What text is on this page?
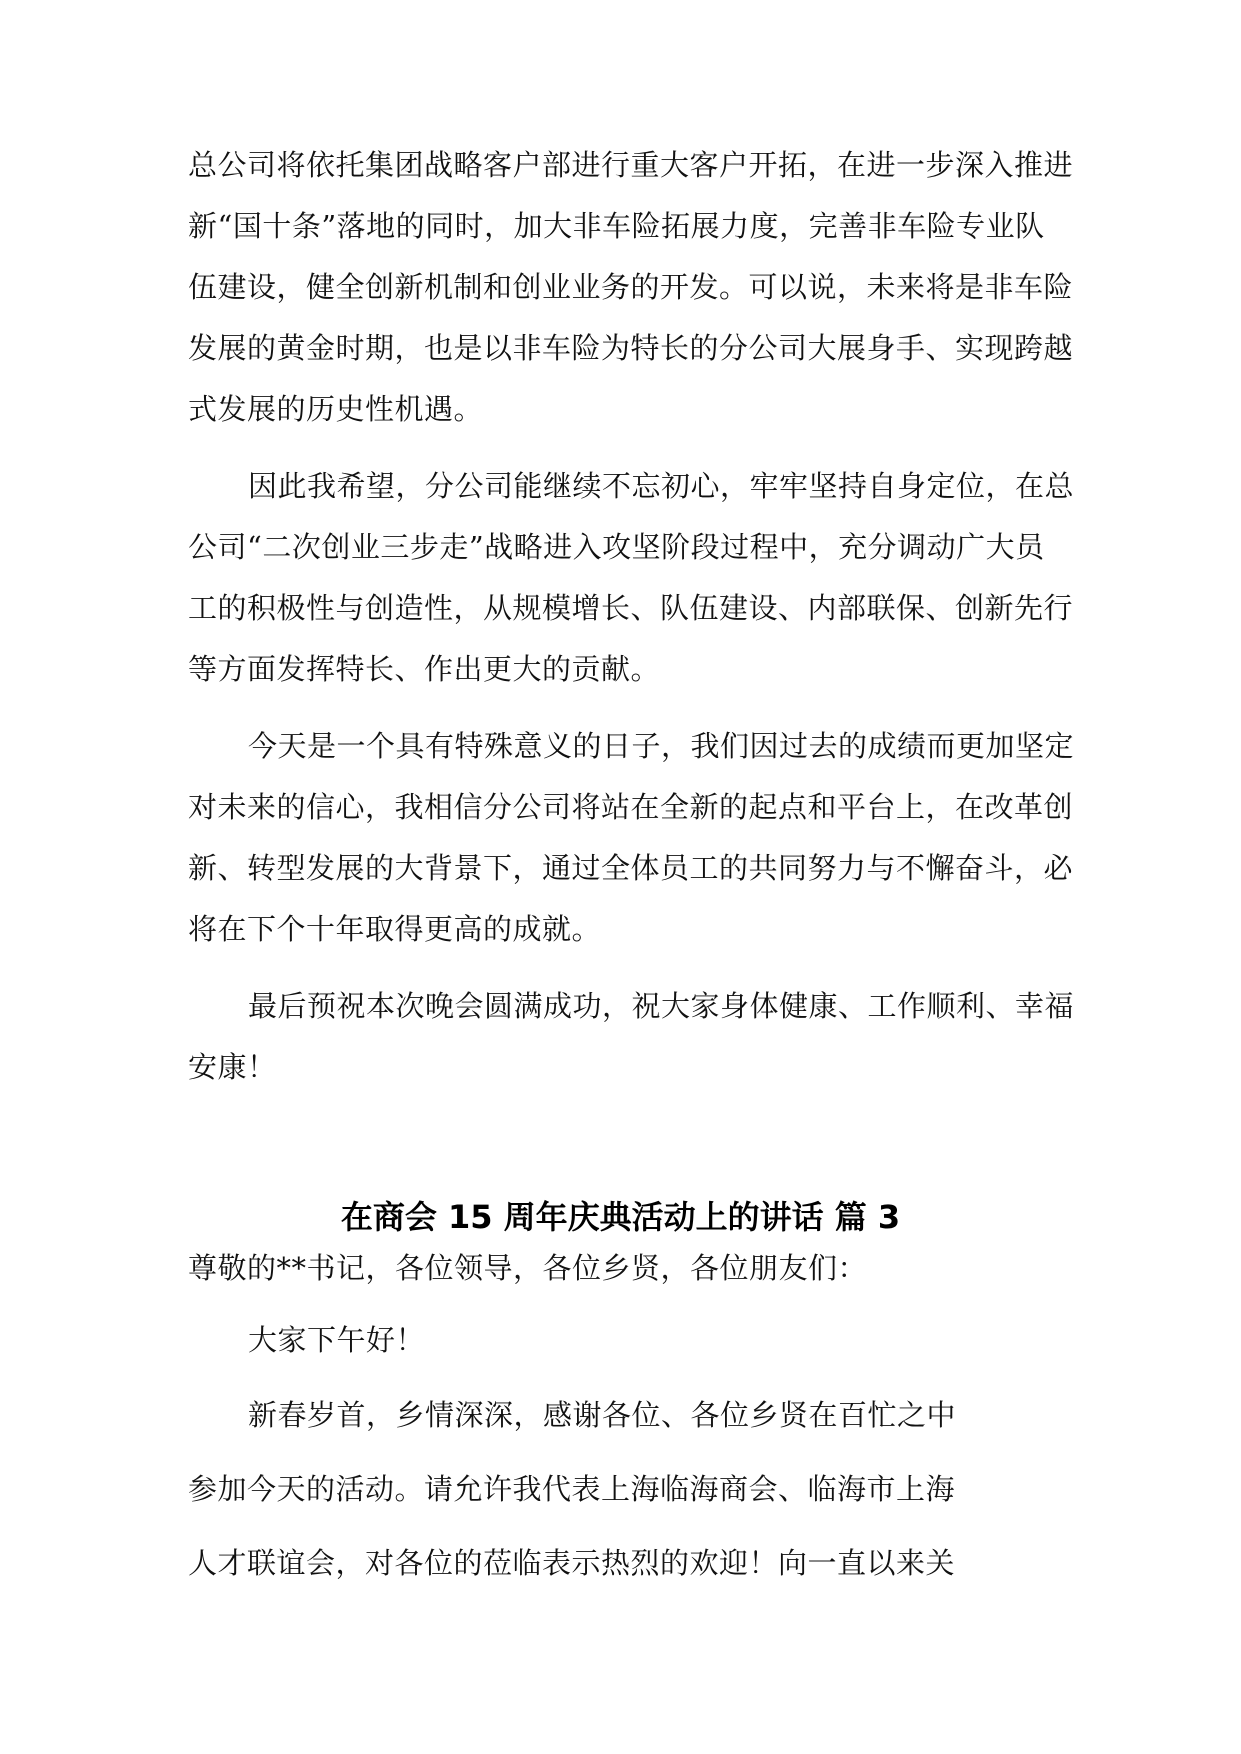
总公司将依托集团战略客户部进行重大客户开拓，在进一步深入推进
新“国十条”落地的同时，加大非车险拓展力度，完善非车险专业队
伍建设，健全创新机制和创业业务的开发。可以说，未来将是非车险
发展的黄金时期，也是以非车险为特长的分公司大展身手、实现跨越
式发展的历史性机遇。
因此我希望，分公司能继续不忘初心，牢牢坚持自身定位，在总
公司“二次创业三步走”战略进入攻坚阶段过程中，充分调动广大员
工的积极性与创造性，从规模增长、队伍建设、内部联保、创新先行
等方面发挥特长、作出更大的贡献。
今天是一个具有特殊意义的日子，我们因过去的成绩而更加坚定
对未来的信心，我相信分公司将站在全新的起点和平台上，在改革创
新、转型发展的大背景下，通过全体员工的共同努力与不懈奋斗，必
将在下个十年取得更高的成就。
最后预祝本次晚会圆满成功，祝大家身体健康、工作顺利、幸福
安康！
在商会 15 周年庆典活动上的讲话 篇 3
尊敬的**书记，各位领导，各位乡贤，各位朋友们：
大家下午好！
新春岁首，乡情深深，感谢各位、各位乡贤在百忙之中
参加今天的活动。请允许我代表上海临海商会、临海市上海
人才联谊会，对各位的莅临表示热烈的欢迎！向一直以来关
